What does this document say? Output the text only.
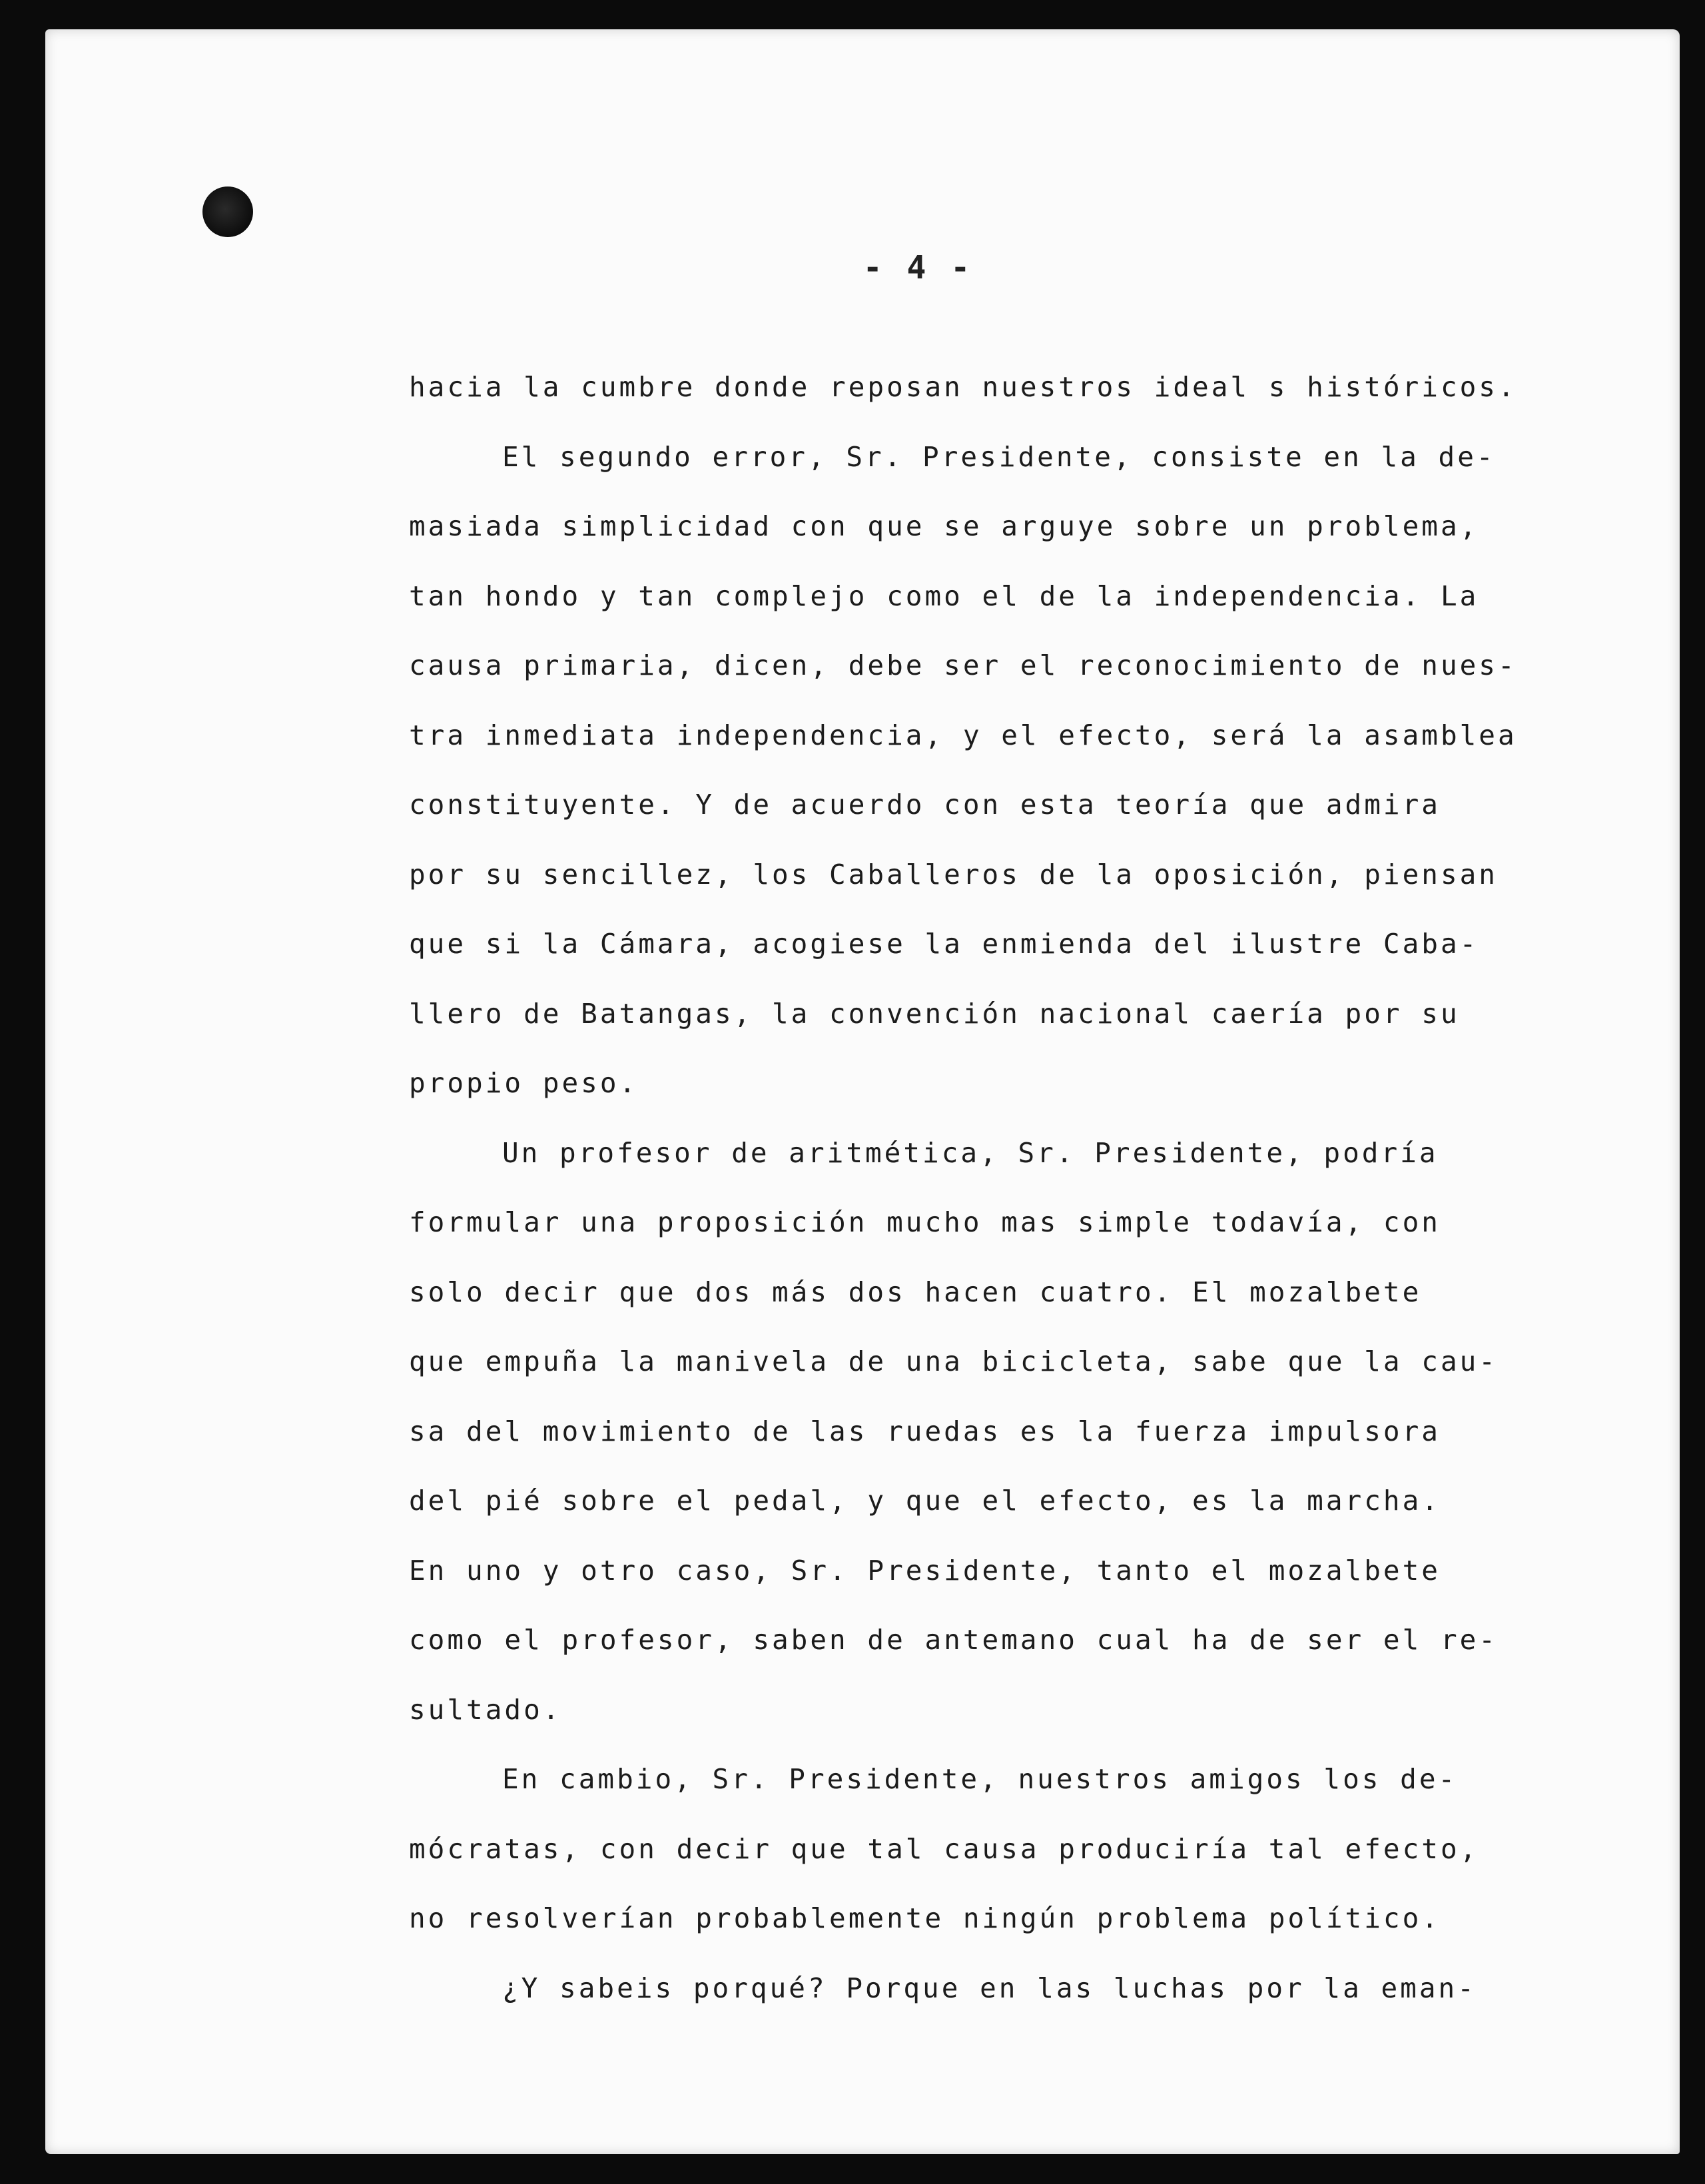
- 4 -
hacia la cumbre donde reposan nuestros ideal s históricos.
El segundo error, Sr. Presidente, consiste en la de-
masiada simplicidad con que se arguye sobre un problema,
tan hondo y tan complejo como el de la independencia. La
causa primaria, dicen, debe ser el reconocimiento de nues-
tra inmediata independencia, y el efecto, será la asamblea
constituyente. Y de acuerdo con esta teoría que admira
por su sencillez, los Caballeros de la oposición, piensan
que si la Cámara, acogiese la enmienda del ilustre Caba-
llero de Batangas, la convención nacional caería por su
propio peso.
Un profesor de aritmética, Sr. Presidente, podría
formular una proposición mucho mas simple todavía, con
solo decir que dos más dos hacen cuatro. El mozalbete
que empuña la manivela de una bicicleta, sabe que la cau-
sa del movimiento de las ruedas es la fuerza impulsora
del pié sobre el pedal, y que el efecto, es la marcha.
En uno y otro caso, Sr. Presidente, tanto el mozalbete
como el profesor, saben de antemano cual ha de ser el re-
sultado.
En cambio, Sr. Presidente, nuestros amigos los de-
mócratas, con decir que tal causa produciría tal efecto,
no resolverían probablemente ningún problema político.
¿Y sabeis porqué? Porque en las luchas por la eman-
